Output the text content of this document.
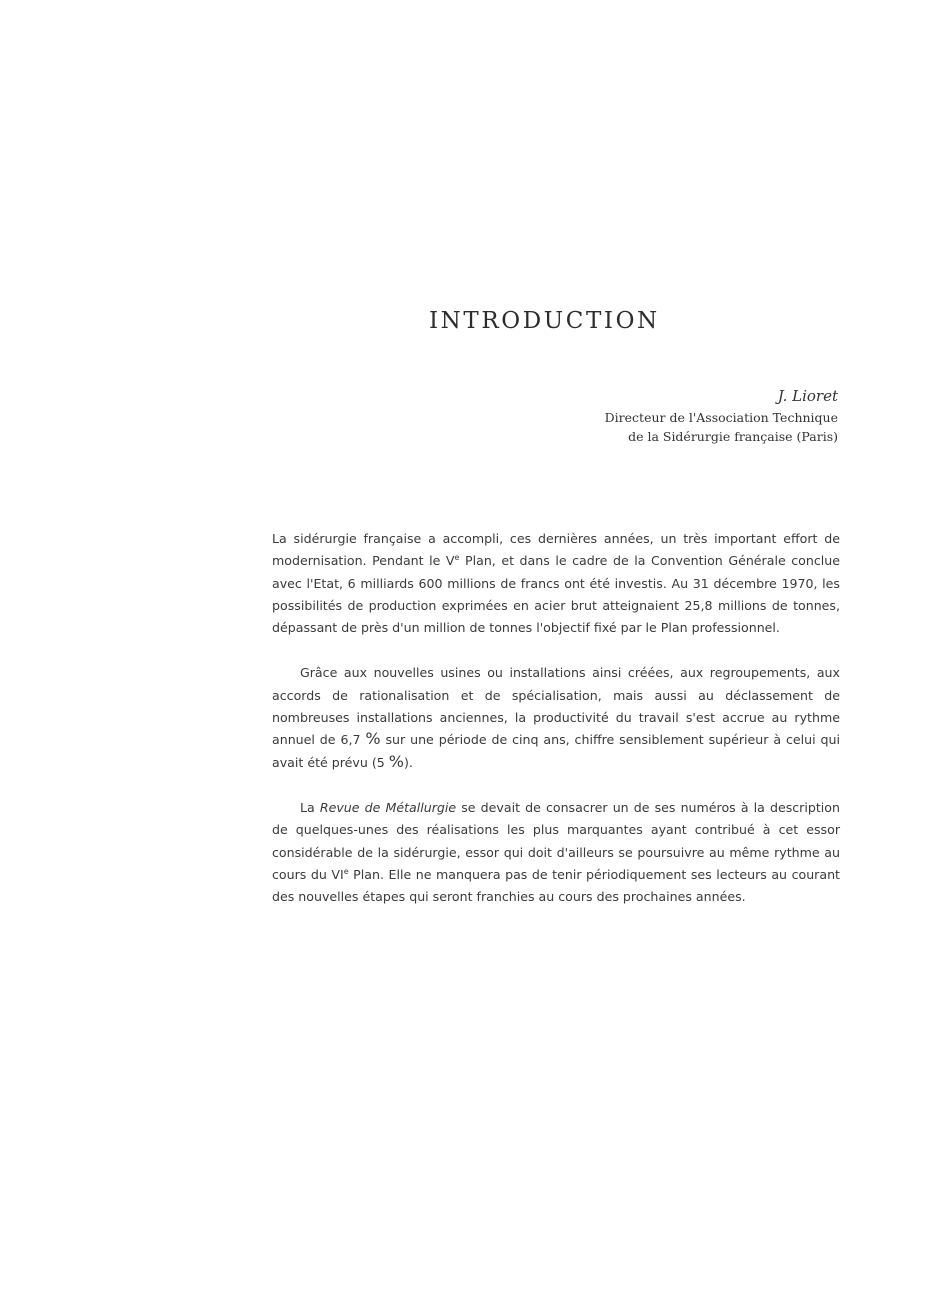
INTRODUCTION
J. Lioret
Directeur de l'Association Technique
de la Sidérurgie française (Paris)

La sidérurgie française a accompli, ces dernières années, un très important effort de modernisation. Pendant le Ve Plan, et dans le cadre de la Convention Générale conclue avec l'Etat, 6 milliards 600 millions de francs ont été investis. Au 31 décembre 1970, les possibilités de production exprimées en acier brut atteignaient 25,8 millions de tonnes, dépassant de près d'un million de tonnes l'objectif fixé par le Plan professionnel.

Grâce aux nouvelles usines ou installations ainsi créées, aux regroupements, aux accords de rationalisation et de spécialisation, mais aussi au déclassement de nombreuses installations anciennes, la productivité du travail s'est accrue au rythme annuel de 6,7 % sur une période de cinq ans, chiffre sensiblement supérieur à celui qui avait été prévu (5 %).

La Revue de Métallurgie se devait de consacrer un de ses numéros à la description de quelques-unes des réalisations les plus marquantes ayant contribué à cet essor considérable de la sidérurgie, essor qui doit d'ailleurs se poursuivre au même rythme au cours du VIe Plan. Elle ne manquera pas de tenir périodiquement ses lecteurs au courant des nouvelles étapes qui seront franchies au cours des prochaines années.
